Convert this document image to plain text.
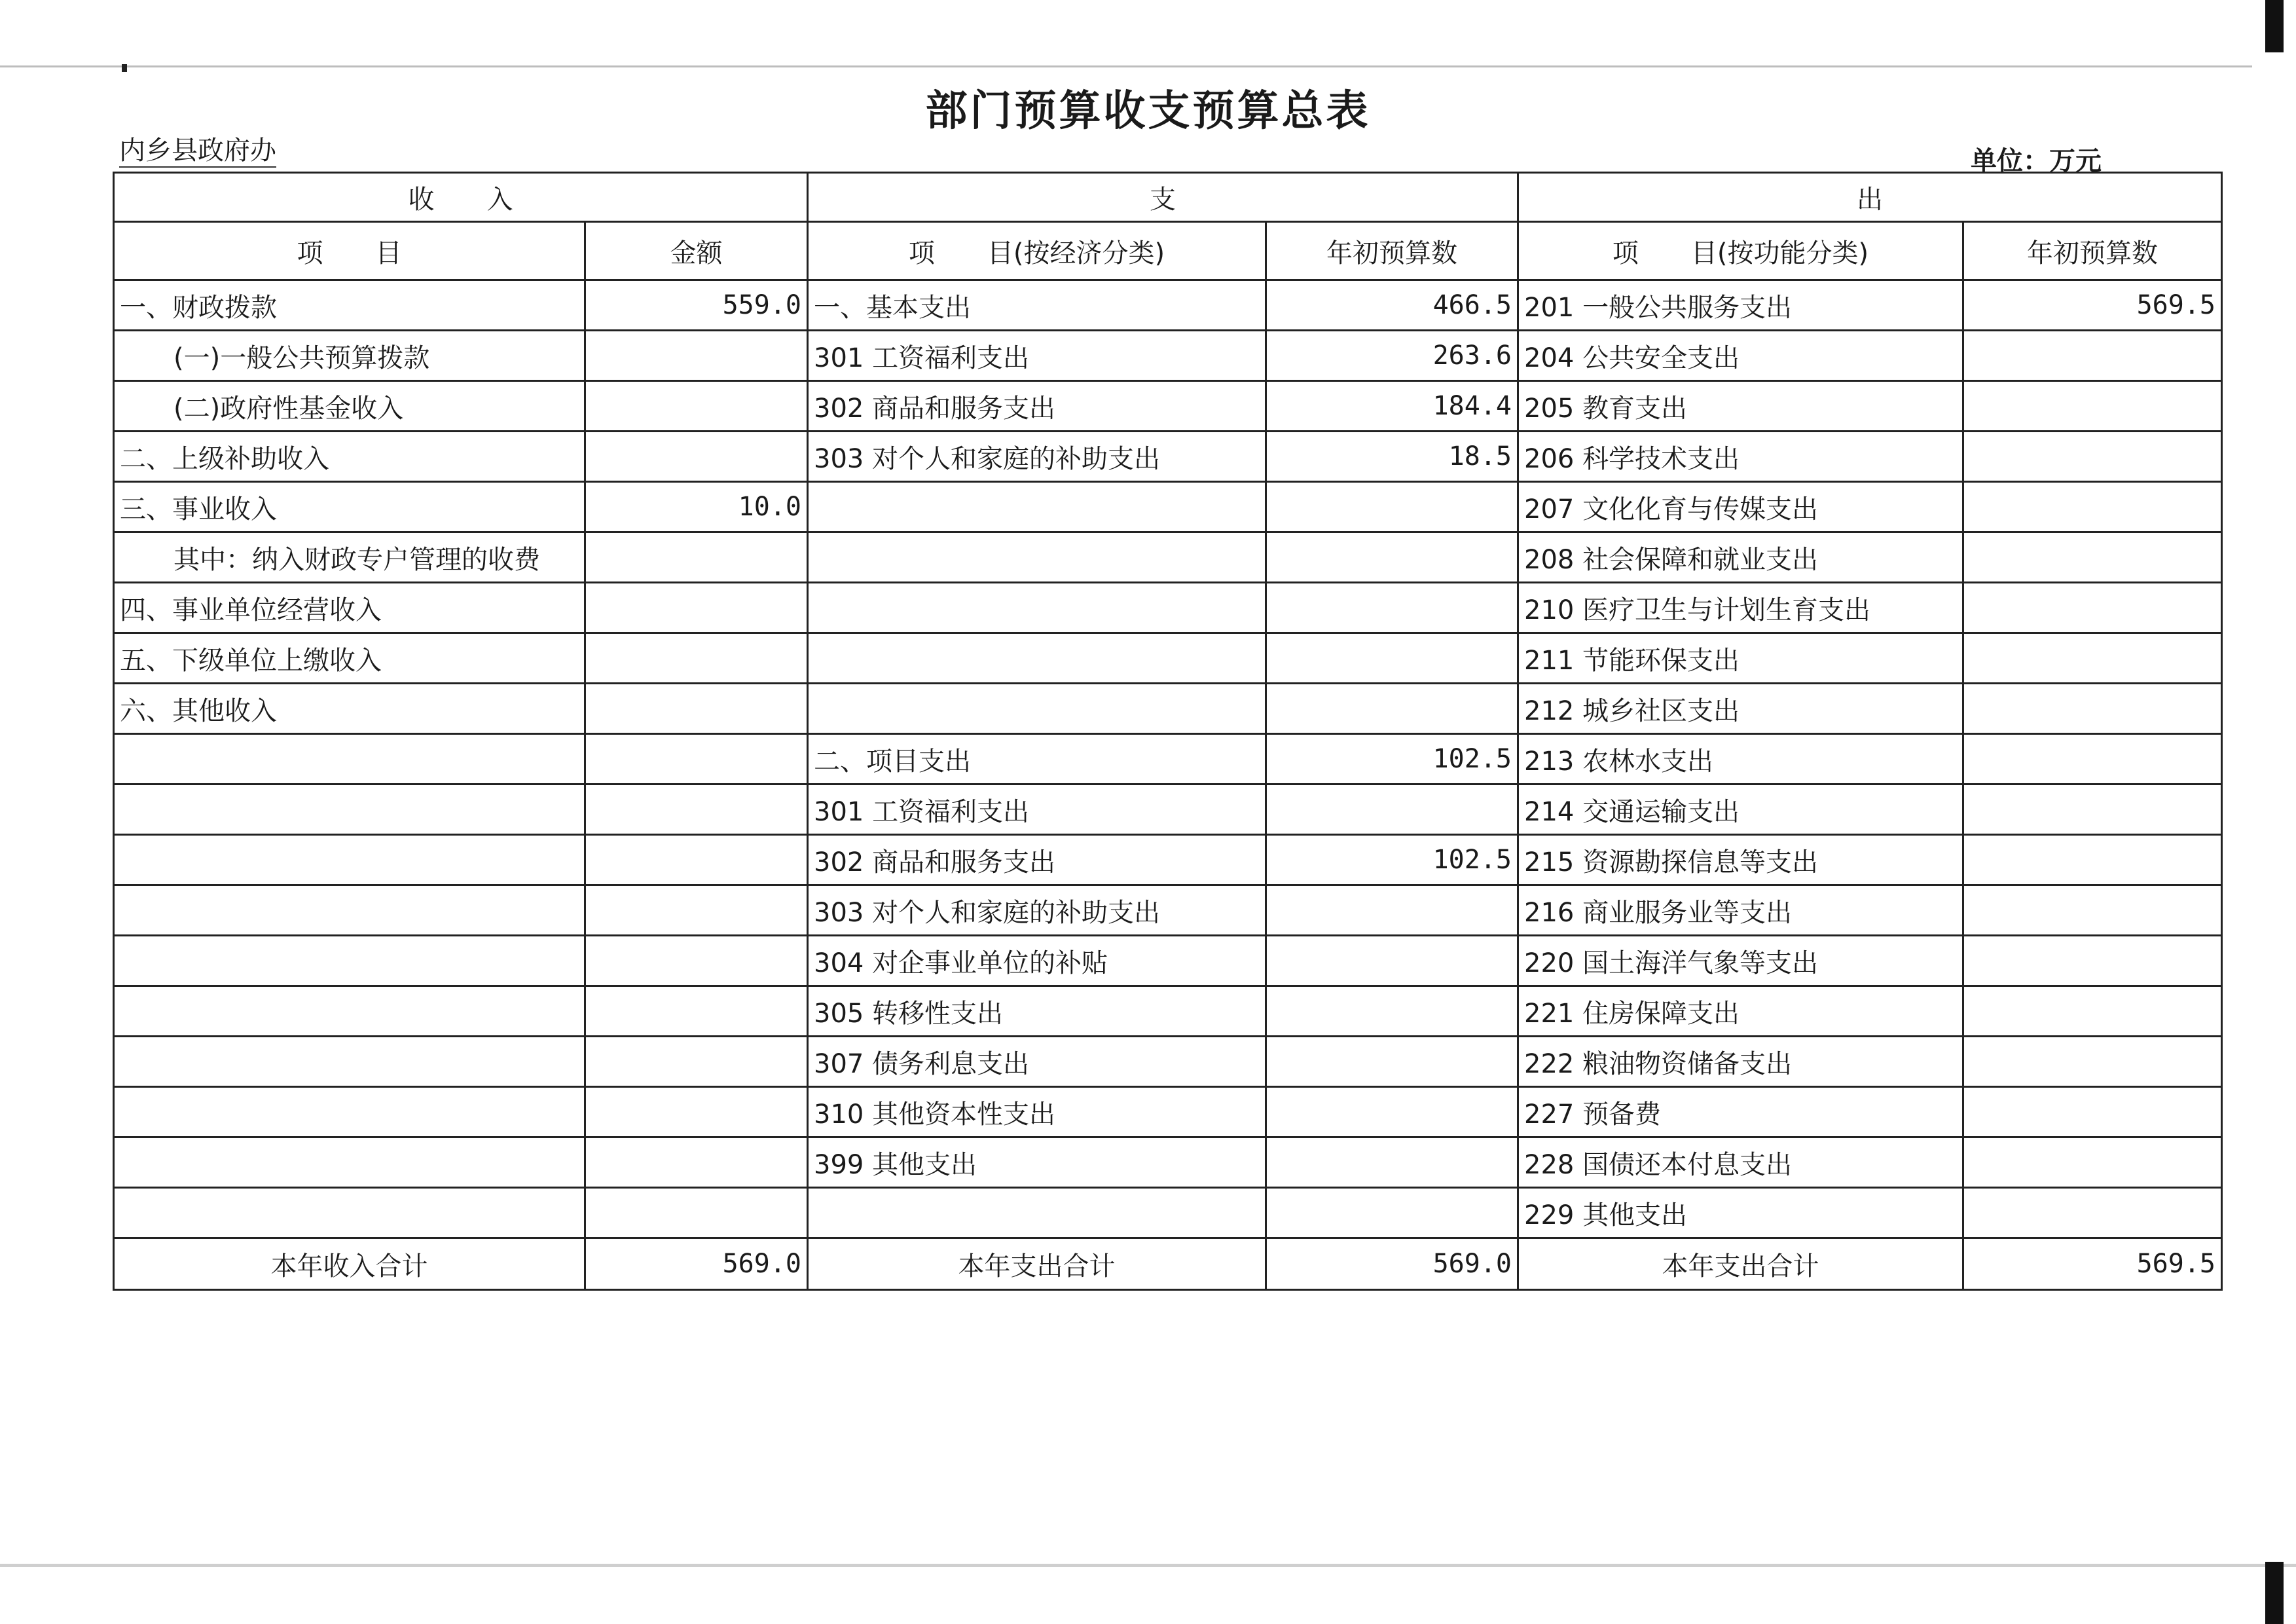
部门预算收支预算总表
内乡县政府办	单位：万元
收　　入		支		出	
项　　目	金额	项　　目(按经济分类)	年初预算数	项　　目(按功能分类)	年初预算数
一、财政拨款	559.0	一、基本支出	466.5	201 一般公共服务支出	569.5
(一)一般公共预算拨款		301 工资福利支出	263.6	204 公共安全支出	
(二)政府性基金收入		302 商品和服务支出	184.4	205 教育支出	
二、上级补助收入		303 对个人和家庭的补助支出	18.5	206 科学技术支出	
三、事业收入	10.0			207 文化化育与传媒支出	
其中：纳入财政专户管理的收费				208 社会保障和就业支出	
四、事业单位经营收入				210 医疗卫生与计划生育支出	
五、下级单位上缴收入				211 节能环保支出	
六、其他收入				212 城乡社区支出	
		二、项目支出	102.5	213 农林水支出	
		301 工资福利支出		214 交通运输支出	
		302 商品和服务支出	102.5	215 资源勘探信息等支出	
		303 对个人和家庭的补助支出		216 商业服务业等支出	
		304 对企事业单位的补贴		220 国土海洋气象等支出	
		305 转移性支出		221 住房保障支出	
		307 债务利息支出		222 粮油物资储备支出	
		310 其他资本性支出		227 预备费	
		399 其他支出		228 国债还本付息支出	
				229 其他支出	
本年收入合计	569.0	本年支出合计	569.0	本年支出合计	569.5
